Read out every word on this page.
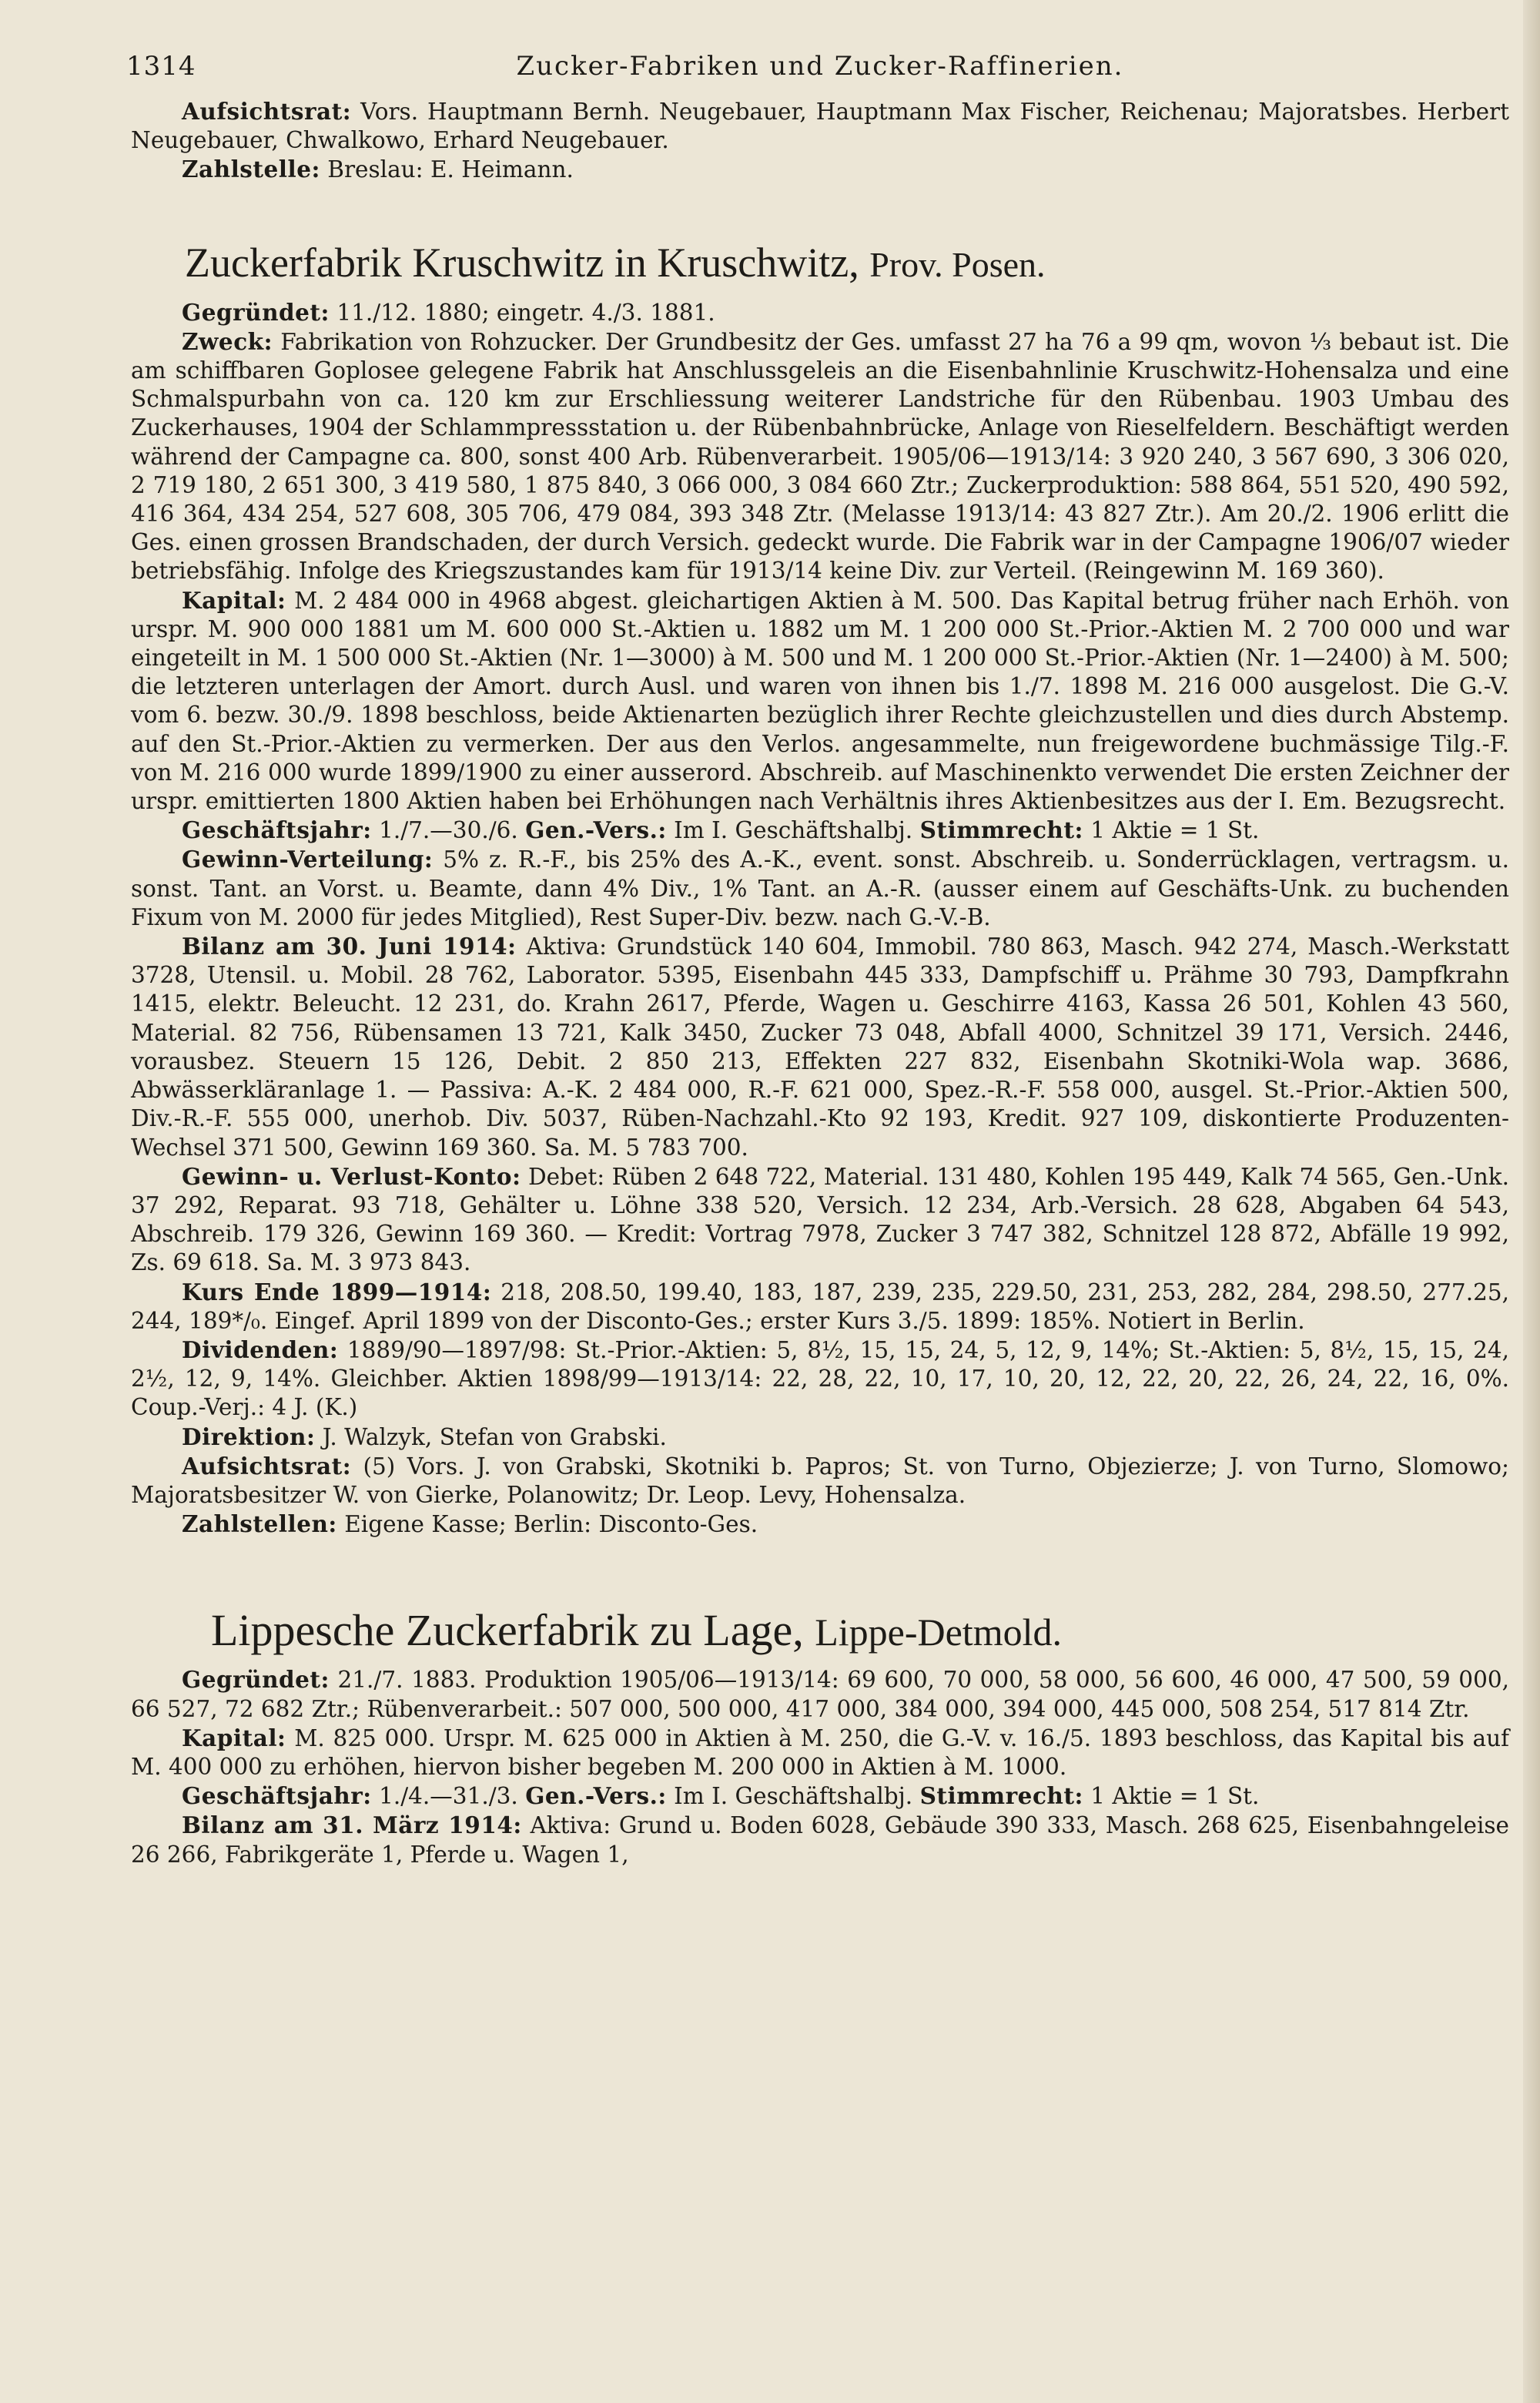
1314	Zucker-Fabriken und Zucker-Raffinerien.

Aufsichtsrat: Vors. Hauptmann Bernh. Neugebauer, Hauptmann Max Fischer, Reichenau; Majoratsbes. Herbert Neugebauer, Chwalkowo, Erhard Neugebauer.

Zahlstelle: Breslau: E. Heimann.

Zuckerfabrik Kruschwitz in Kruschwitz, Prov. Posen.

Gegründet: 11./12. 1880; eingetr. 4./3. 1881.

Zweck: Fabrikation von Rohzucker. Der Grundbesitz der Ges. umfasst 27 ha 76 a 99 qm, wovon ⅓ bebaut ist. Die am schiffbaren Goplosee gelegene Fabrik hat Anschlussgeleis an die Eisenbahnlinie Kruschwitz-Hohensalza und eine Schmalspurbahn von ca. 120 km zur Erschliessung weiterer Landstriche für den Rübenbau. 1903 Umbau des Zuckerhauses, 1904 der Schlammpressstation u. der Rübenbahnbrücke, Anlage von Rieselfeldern. Beschäftigt werden während der Campagne ca. 800, sonst 400 Arb. Rübenverarbeit. 1905/06—1913/14: 3 920 240, 3 567 690, 3 306 020, 2 719 180, 2 651 300, 3 419 580, 1 875 840, 3 066 000, 3 084 660 Ztr.; Zuckerproduktion: 588 864, 551 520, 490 592, 416 364, 434 254, 527 608, 305 706, 479 084, 393 348 Ztr. (Melasse 1913/14: 43 827 Ztr.). Am 20./2. 1906 erlitt die Ges. einen grossen Brandschaden, der durch Versich. gedeckt wurde. Die Fabrik war in der Campagne 1906/07 wieder betriebsfähig. Infolge des Kriegszustandes kam für 1913/14 keine Div. zur Verteil. (Reingewinn M. 169 360).

Kapital: M. 2 484 000 in 4968 abgest. gleichartigen Aktien à M. 500. Das Kapital betrug früher nach Erhöh. von urspr. M. 900 000 1881 um M. 600 000 St.-Aktien u. 1882 um M. 1 200 000 St.-Prior.-Aktien M. 2 700 000 und war eingeteilt in M. 1 500 000 St.-Aktien (Nr. 1—3000) à M. 500 und M. 1 200 000 St.-Prior.-Aktien (Nr. 1—2400) à M. 500; die letzteren unterlagen der Amort. durch Ausl. und waren von ihnen bis 1./7. 1898 M. 216 000 ausgelost. Die G.-V. vom 6. bezw. 30./9. 1898 beschloss, beide Aktienarten bezüglich ihrer Rechte gleichzustellen und dies durch Abstemp. auf den St.-Prior.-Aktien zu vermerken. Der aus den Verlos. angesammelte, nun freigewordene buchmässige Tilg.-F. von M. 216 000 wurde 1899/1900 zu einer ausserord. Abschreib. auf Maschinenkto verwendet Die ersten Zeichner der urspr. emittierten 1800 Aktien haben bei Erhöhungen nach Verhältnis ihres Aktienbesitzes aus der I. Em. Bezugsrecht.

Geschäftsjahr: 1./7.—30./6. Gen.-Vers.: Im I. Geschäftshalbj. Stimmrecht: 1 Aktie = 1 St.

Gewinn-Verteilung: 5% z. R.-F., bis 25% des A.-K., event. sonst. Abschreib. u. Sonderrücklagen, vertragsm. u. sonst. Tant. an Vorst. u. Beamte, dann 4% Div., 1% Tant. an A.-R. (ausser einem auf Geschäfts-Unk. zu buchenden Fixum von M. 2000 für jedes Mitglied), Rest Super-Div. bezw. nach G.-V.-B.

Bilanz am 30. Juni 1914: Aktiva: Grundstück 140 604, Immobil. 780 863, Masch. 942 274, Masch.-Werkstatt 3728, Utensil. u. Mobil. 28 762, Laborator. 5395, Eisenbahn 445 333, Dampfschiff u. Prähme 30 793, Dampfkrahn 1415, elektr. Beleucht. 12 231, do. Krahn 2617, Pferde, Wagen u. Geschirre 4163, Kassa 26 501, Kohlen 43 560, Material. 82 756, Rübensamen 13 721, Kalk 3450, Zucker 73 048, Abfall 4000, Schnitzel 39 171, Versich. 2446, vorausbez. Steuern 15 126, Debit. 2 850 213, Effekten 227 832, Eisenbahn Skotniki-Wola wap. 3686, Abwässerkläranlage 1. — Passiva: A.-K. 2 484 000, R.-F. 621 000, Spez.-R.-F. 558 000, ausgel. St.-Prior.-Aktien 500, Div.-R.-F. 555 000, unerhob. Div. 5037, Rüben-Nachzahl.-Kto 92 193, Kredit. 927 109, diskontierte Produzenten-Wechsel 371 500, Gewinn 169 360. Sa. M. 5 783 700.

Gewinn- u. Verlust-Konto: Debet: Rüben 2 648 722, Material. 131 480, Kohlen 195 449, Kalk 74 565, Gen.-Unk. 37 292, Reparat. 93 718, Gehälter u. Löhne 338 520, Versich. 12 234, Arb.-Versich. 28 628, Abgaben 64 543, Abschreib. 179 326, Gewinn 169 360. — Kredit: Vortrag 7978, Zucker 3 747 382, Schnitzel 128 872, Abfälle 19 992, Zs. 69 618. Sa. M. 3 973 843.

Kurs Ende 1899—1914: 218, 208.50, 199.40, 183, 187, 239, 235, 229.50, 231, 253, 282, 284, 298.50, 277.25, 244, 189*/₀. Eingef. April 1899 von der Disconto-Ges.; erster Kurs 3./5. 1899: 185%. Notiert in Berlin.

Dividenden: 1889/90—1897/98: St.-Prior.-Aktien: 5, 8½, 15, 15, 24, 5, 12, 9, 14%; St.-Aktien: 5, 8½, 15, 15, 24, 2½, 12, 9, 14%. Gleichber. Aktien 1898/99—1913/14: 22, 28, 22, 10, 17, 10, 20, 12, 22, 20, 22, 26, 24, 22, 16, 0%. Coup.-Verj.: 4 J. (K.)

Direktion: J. Walzyk, Stefan von Grabski.

Aufsichtsrat: (5) Vors. J. von Grabski, Skotniki b. Papros; St. von Turno, Objezierze; J. von Turno, Slomowo; Majoratsbesitzer W. von Gierke, Polanowitz; Dr. Leop. Levy, Hohensalza.

Zahlstellen: Eigene Kasse; Berlin: Disconto-Ges.

Lippesche Zuckerfabrik zu Lage, Lippe-Detmold.

Gegründet: 21./7. 1883. Produktion 1905/06—1913/14: 69 600, 70 000, 58 000, 56 600, 46 000, 47 500, 59 000, 66 527, 72 682 Ztr.; Rübenverarbeit.: 507 000, 500 000, 417 000, 384 000, 394 000, 445 000, 508 254, 517 814 Ztr.

Kapital: M. 825 000. Urspr. M. 625 000 in Aktien à M. 250, die G.-V. v. 16./5. 1893 beschloss, das Kapital bis auf M. 400 000 zu erhöhen, hiervon bisher begeben M. 200 000 in Aktien à M. 1000.

Geschäftsjahr: 1./4.—31./3. Gen.-Vers.: Im I. Geschäftshalbj. Stimmrecht: 1 Aktie = 1 St.

Bilanz am 31. März 1914: Aktiva: Grund u. Boden 6028, Gebäude 390 333, Masch. 268 625, Eisenbahngeleise 26 266, Fabrikgeräte 1, Pferde u. Wagen 1,
